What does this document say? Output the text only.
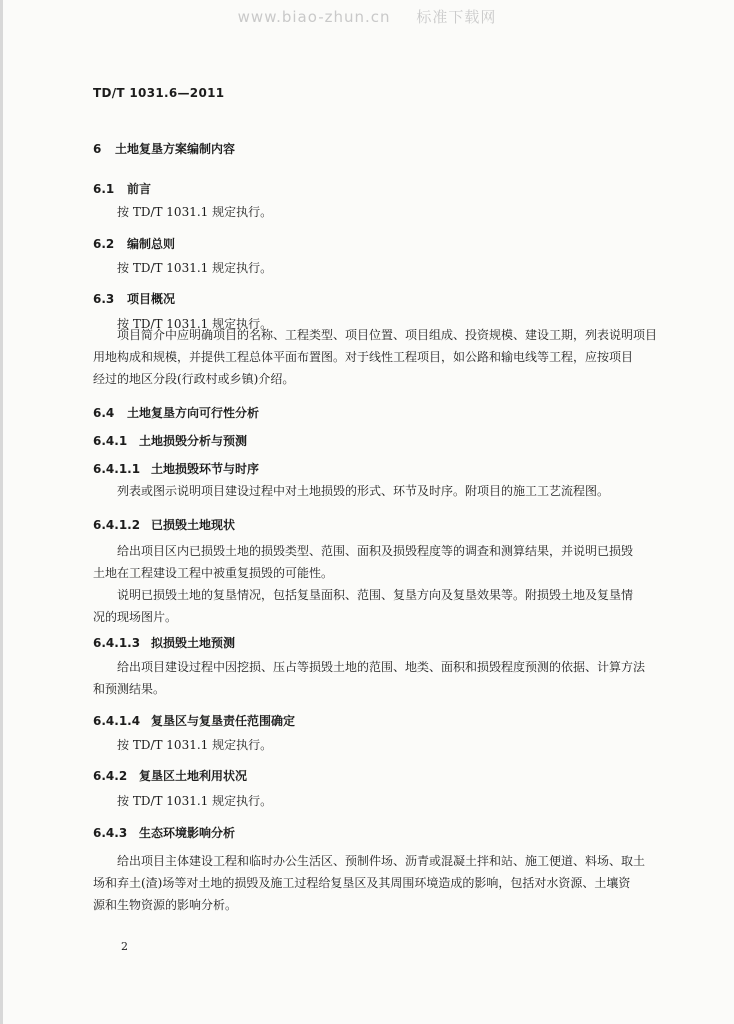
www.biao-zhun.cn 标准下载网
TD/T 1031.6—2011
6 土地复垦方案编制内容
6.1 前言
6.2 编制总则
6.3 项目概况
6.4 土地复垦方向可行性分析
6.4.1 土地损毁分析与预测
6.4.1.1 土地损毁环节与时序
6.4.1.2 已损毁土地现状
6.4.1.3 拟损毁土地预测
6.4.1.4 复垦区与复垦责任范围确定
6.4.2 复垦区土地利用状况
6.4.3 生态环境影响分析
按 TD/T 1031.1 规定执行。
按 TD/T 1031.1 规定执行。
按 TD/T 1031.1 规定执行。
项目简介中应明确项目的名称、工程类型、项目位置、项目组成、投资规模、建设工期，列表说明项目
用地构成和规模，并提供工程总体平面布置图。对于线性工程项目，如公路和输电线等工程，应按项目
经过的地区分段(行政村或乡镇)介绍。
列表或图示说明项目建设过程中对土地损毁的形式、环节及时序。附项目的施工工艺流程图。
给出项目区内已损毁土地的损毁类型、范围、面积及损毁程度等的调查和测算结果，并说明已损毁
土地在工程建设工程中被重复损毁的可能性。
说明已损毁土地的复垦情况，包括复垦面积、范围、复垦方向及复垦效果等。附损毁土地及复垦情
况的现场图片。
给出项目建设过程中因挖损、压占等损毁土地的范围、地类、面积和损毁程度预测的依据、计算方法
和预测结果。
按 TD/T 1031.1 规定执行。
按 TD/T 1031.1 规定执行。
给出项目主体建设工程和临时办公生活区、预制件场、沥青或混凝土拌和站、施工便道、料场、取土
场和弃土(渣)场等对土地的损毁及施工过程给复垦区及其周围环境造成的影响，包括对水资源、土壤资
源和生物资源的影响分析。
2
